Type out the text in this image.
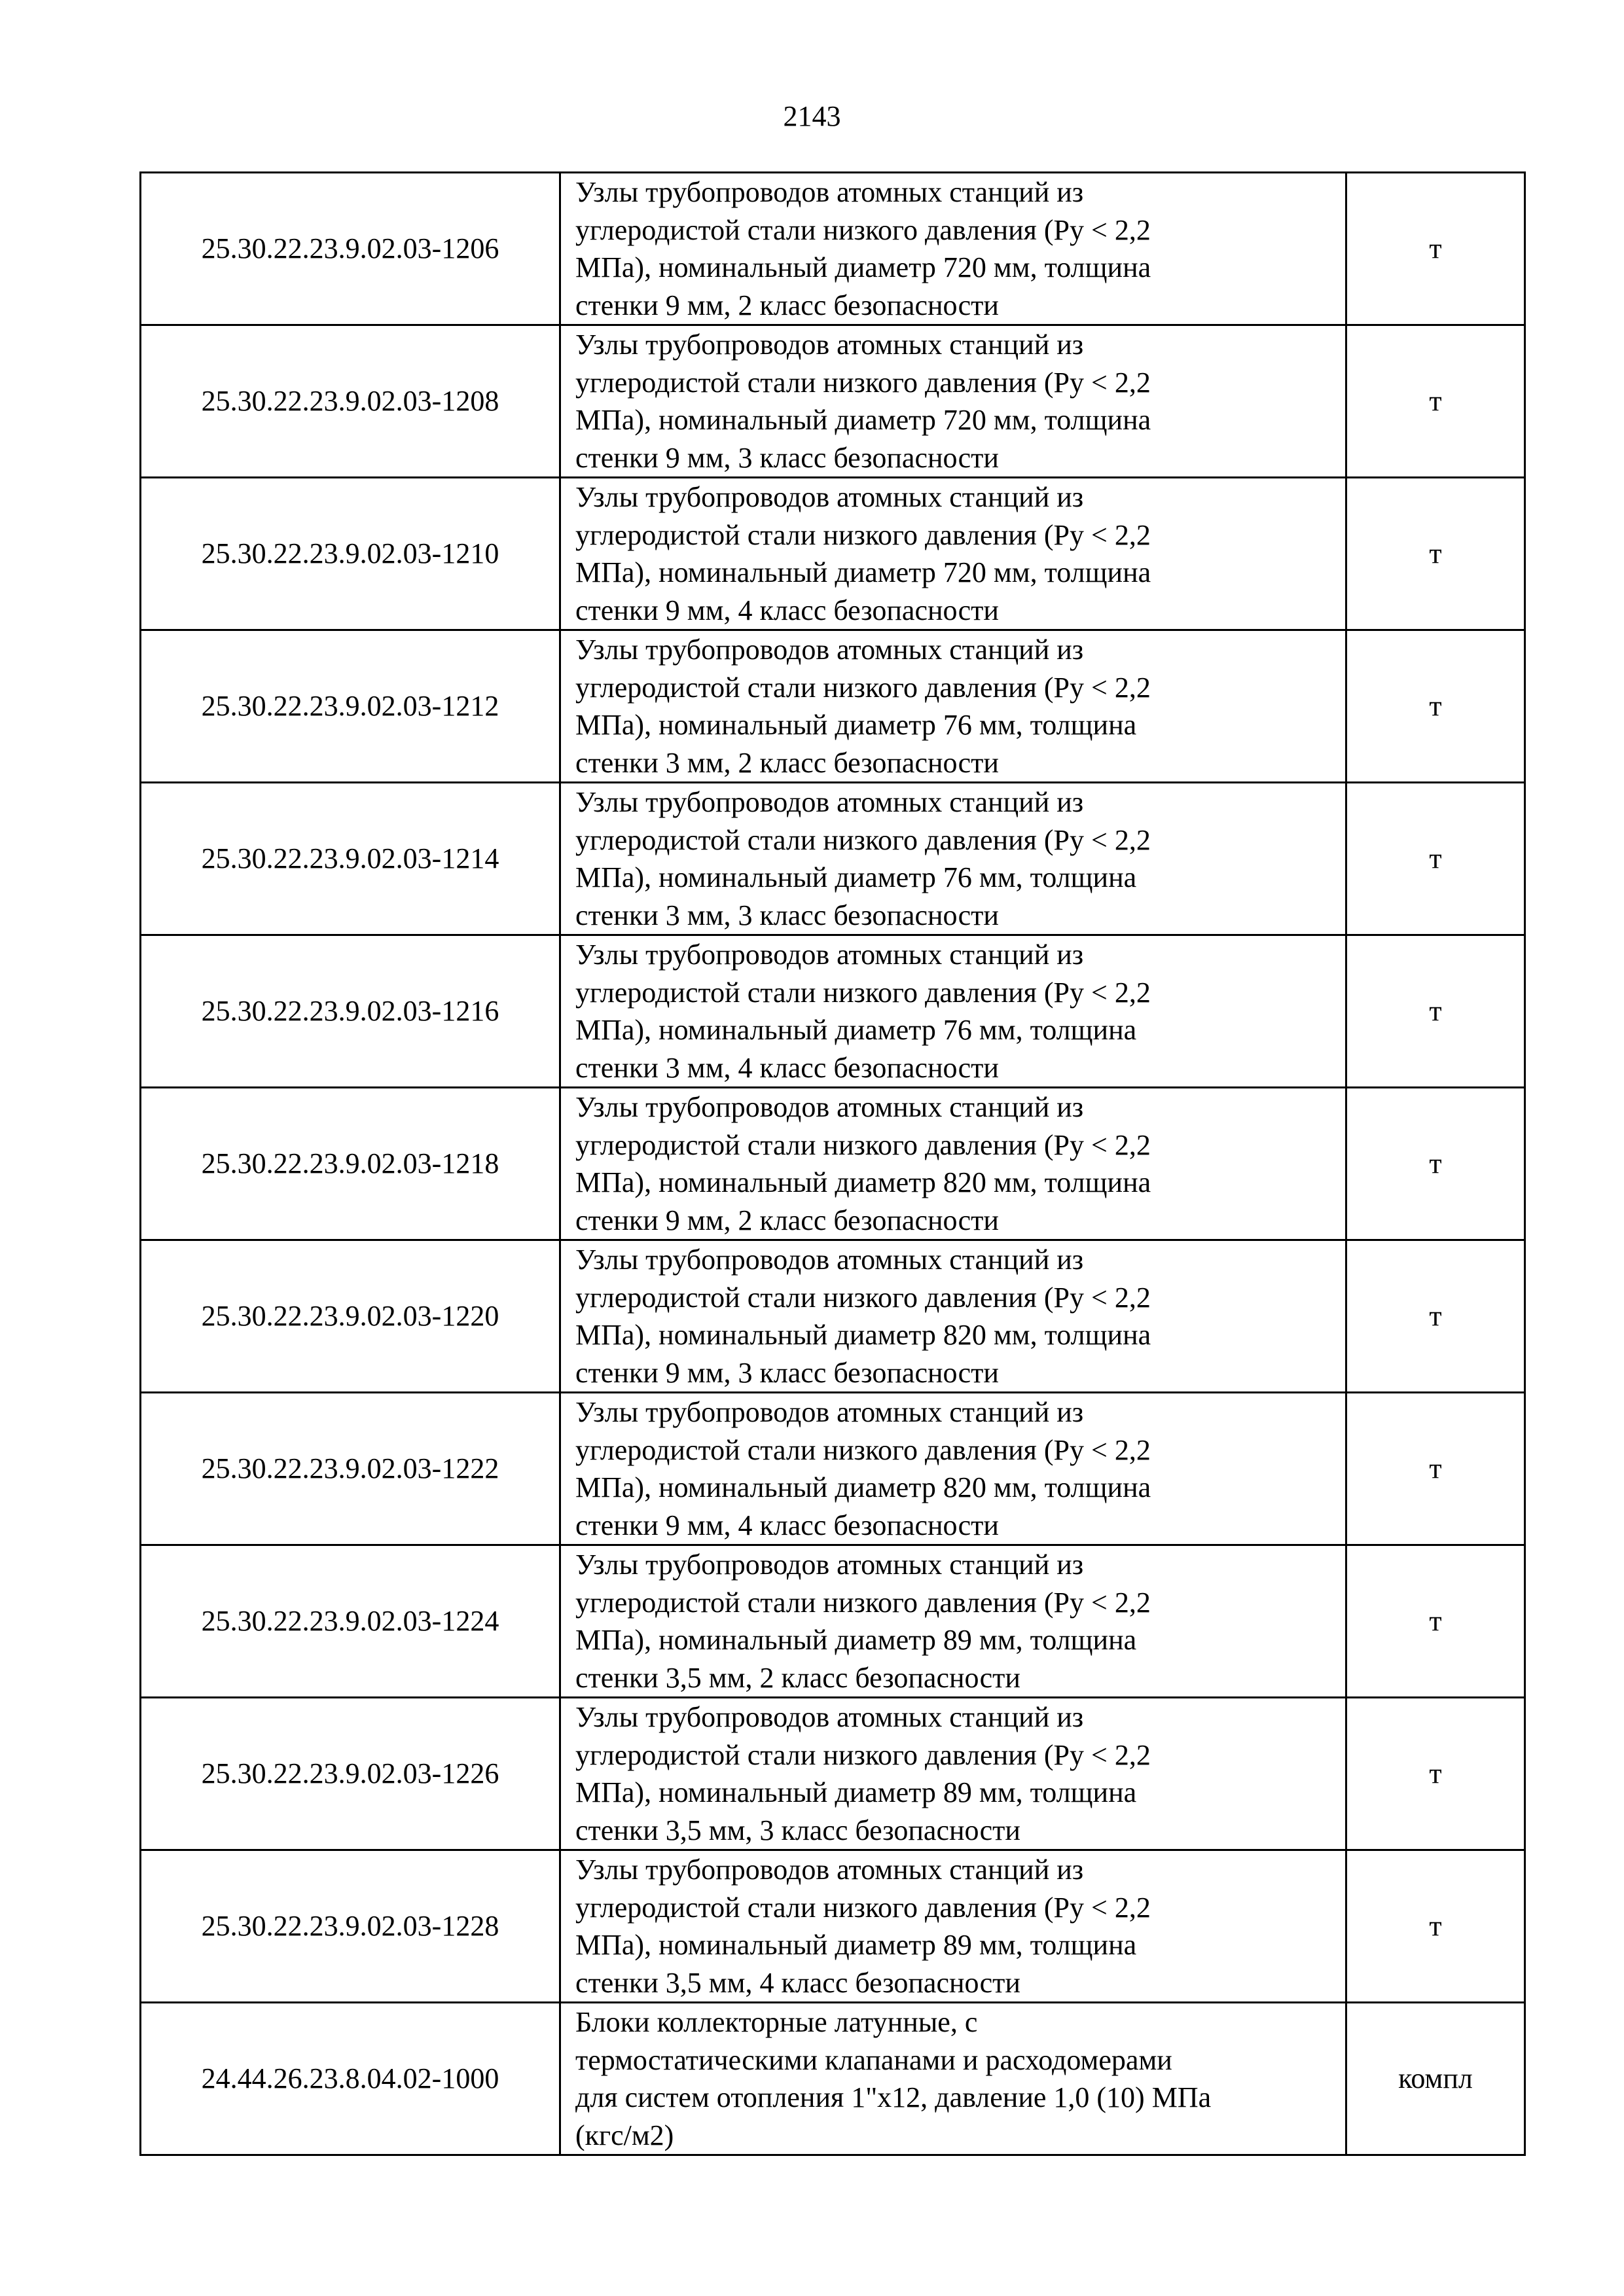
2143
25.30.22.23.9.02.03-1206	Узлы трубопроводов атомных станций из
углеродистой стали низкого давления (Ру < 2,2
МПа), номинальный диаметр 720 мм, толщина
стенки 9 мм, 2 класс безопасности	т
25.30.22.23.9.02.03-1208	Узлы трубопроводов атомных станций из
углеродистой стали низкого давления (Ру < 2,2
МПа), номинальный диаметр 720 мм, толщина
стенки 9 мм, 3 класс безопасности	т
25.30.22.23.9.02.03-1210	Узлы трубопроводов атомных станций из
углеродистой стали низкого давления (Ру < 2,2
МПа), номинальный диаметр 720 мм, толщина
стенки 9 мм, 4 класс безопасности	т
25.30.22.23.9.02.03-1212	Узлы трубопроводов атомных станций из
углеродистой стали низкого давления (Ру < 2,2
МПа), номинальный диаметр 76 мм, толщина
стенки 3 мм, 2 класс безопасности	т
25.30.22.23.9.02.03-1214	Узлы трубопроводов атомных станций из
углеродистой стали низкого давления (Ру < 2,2
МПа), номинальный диаметр 76 мм, толщина
стенки 3 мм, 3 класс безопасности	т
25.30.22.23.9.02.03-1216	Узлы трубопроводов атомных станций из
углеродистой стали низкого давления (Ру < 2,2
МПа), номинальный диаметр 76 мм, толщина
стенки 3 мм, 4 класс безопасности	т
25.30.22.23.9.02.03-1218	Узлы трубопроводов атомных станций из
углеродистой стали низкого давления (Ру < 2,2
МПа), номинальный диаметр 820 мм, толщина
стенки 9 мм, 2 класс безопасности	т
25.30.22.23.9.02.03-1220	Узлы трубопроводов атомных станций из
углеродистой стали низкого давления (Ру < 2,2
МПа), номинальный диаметр 820 мм, толщина
стенки 9 мм, 3 класс безопасности	т
25.30.22.23.9.02.03-1222	Узлы трубопроводов атомных станций из
углеродистой стали низкого давления (Ру < 2,2
МПа), номинальный диаметр 820 мм, толщина
стенки 9 мм, 4 класс безопасности	т
25.30.22.23.9.02.03-1224	Узлы трубопроводов атомных станций из
углеродистой стали низкого давления (Ру < 2,2
МПа), номинальный диаметр 89 мм, толщина
стенки 3,5 мм, 2 класс безопасности	т
25.30.22.23.9.02.03-1226	Узлы трубопроводов атомных станций из
углеродистой стали низкого давления (Ру < 2,2
МПа), номинальный диаметр 89 мм, толщина
стенки 3,5 мм, 3 класс безопасности	т
25.30.22.23.9.02.03-1228	Узлы трубопроводов атомных станций из
углеродистой стали низкого давления (Ру < 2,2
МПа), номинальный диаметр 89 мм, толщина
стенки 3,5 мм, 4 класс безопасности	т
24.44.26.23.8.04.02-1000	Блоки коллекторные латунные, с
термостатическими клапанами и расходомерами
для систем отопления 1"х12, давление 1,0 (10) МПа
(кгс/м2)	компл
